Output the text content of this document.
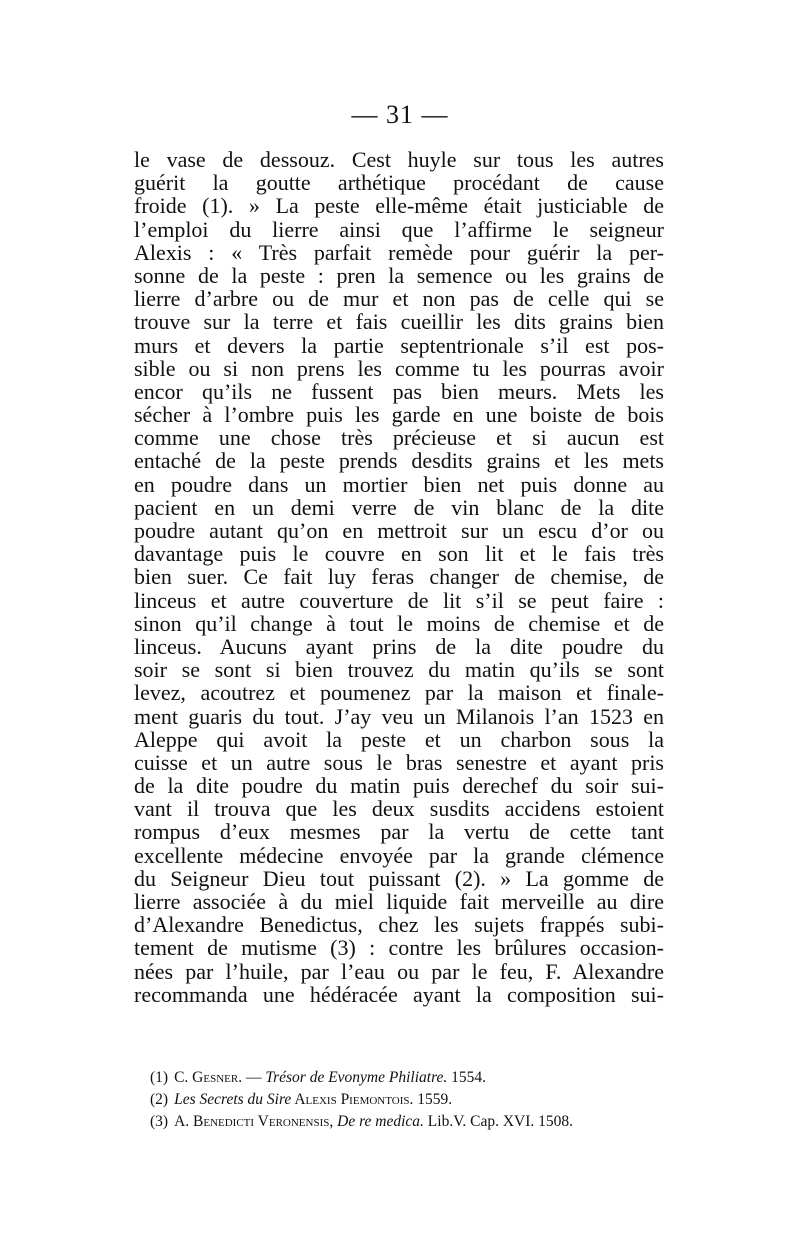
— 31 —
le vase de dessouz. Cest huyle sur tous les autres
guérit la goutte arthétique procédant de cause
froide (1). » La peste elle-même était justiciable de
l’emploi du lierre ainsi que l’affirme le seigneur
Alexis : « Très parfait remède pour guérir la per-
sonne de la peste : pren la semence ou les grains de
lierre d’arbre ou de mur et non pas de celle qui se
trouve sur la terre et fais cueillir les dits grains bien
murs et devers la partie septentrionale s’il est pos-
sible ou si non prens les comme tu les pourras avoir
encor qu’ils ne fussent pas bien meurs. Mets les
sécher à l’ombre puis les garde en une boiste de bois
comme une chose très précieuse et si aucun est
entaché de la peste prends desdits grains et les mets
en poudre dans un mortier bien net puis donne au
pacient en un demi verre de vin blanc de la dite
poudre autant qu’on en mettroit sur un escu d’or ou
davantage puis le couvre en son lit et le fais très
bien suer. Ce fait luy feras changer de chemise, de
linceus et autre couverture de lit s’il se peut faire :
sinon qu’il change à tout le moins de chemise et de
linceus. Aucuns ayant prins de la dite poudre du
soir se sont si bien trouvez du matin qu’ils se sont
levez, acoutrez et poumenez par la maison et finale-
ment guaris du tout. J’ay veu un Milanois l’an 1523 en
Aleppe qui avoit la peste et un charbon sous la
cuisse et un autre sous le bras senestre et ayant pris
de la dite poudre du matin puis derechef du soir sui-
vant il trouva que les deux susdits accidens estoient
rompus d’eux mesmes par la vertu de cette tant
excellente médecine envoyée par la grande clémence
du Seigneur Dieu tout puissant (2). » La gomme de
lierre associée à du miel liquide fait merveille au dire
d’Alexandre Benedictus, chez les sujets frappés subi-
tement de mutisme (3) : contre les brûlures occasion-
nées par l’huile, par l’eau ou par le feu, F. Alexandre
recommanda une hédéracée ayant la composition sui-
(1) C. Gesner. — Trésor de Evonyme Philiatre. 1554.
(2) Les Secrets du Sire Alexis Piemontois. 1559.
(3) A. Benedicti Veronensis, De re medica. Lib.V. Cap. XVI. 1508.
